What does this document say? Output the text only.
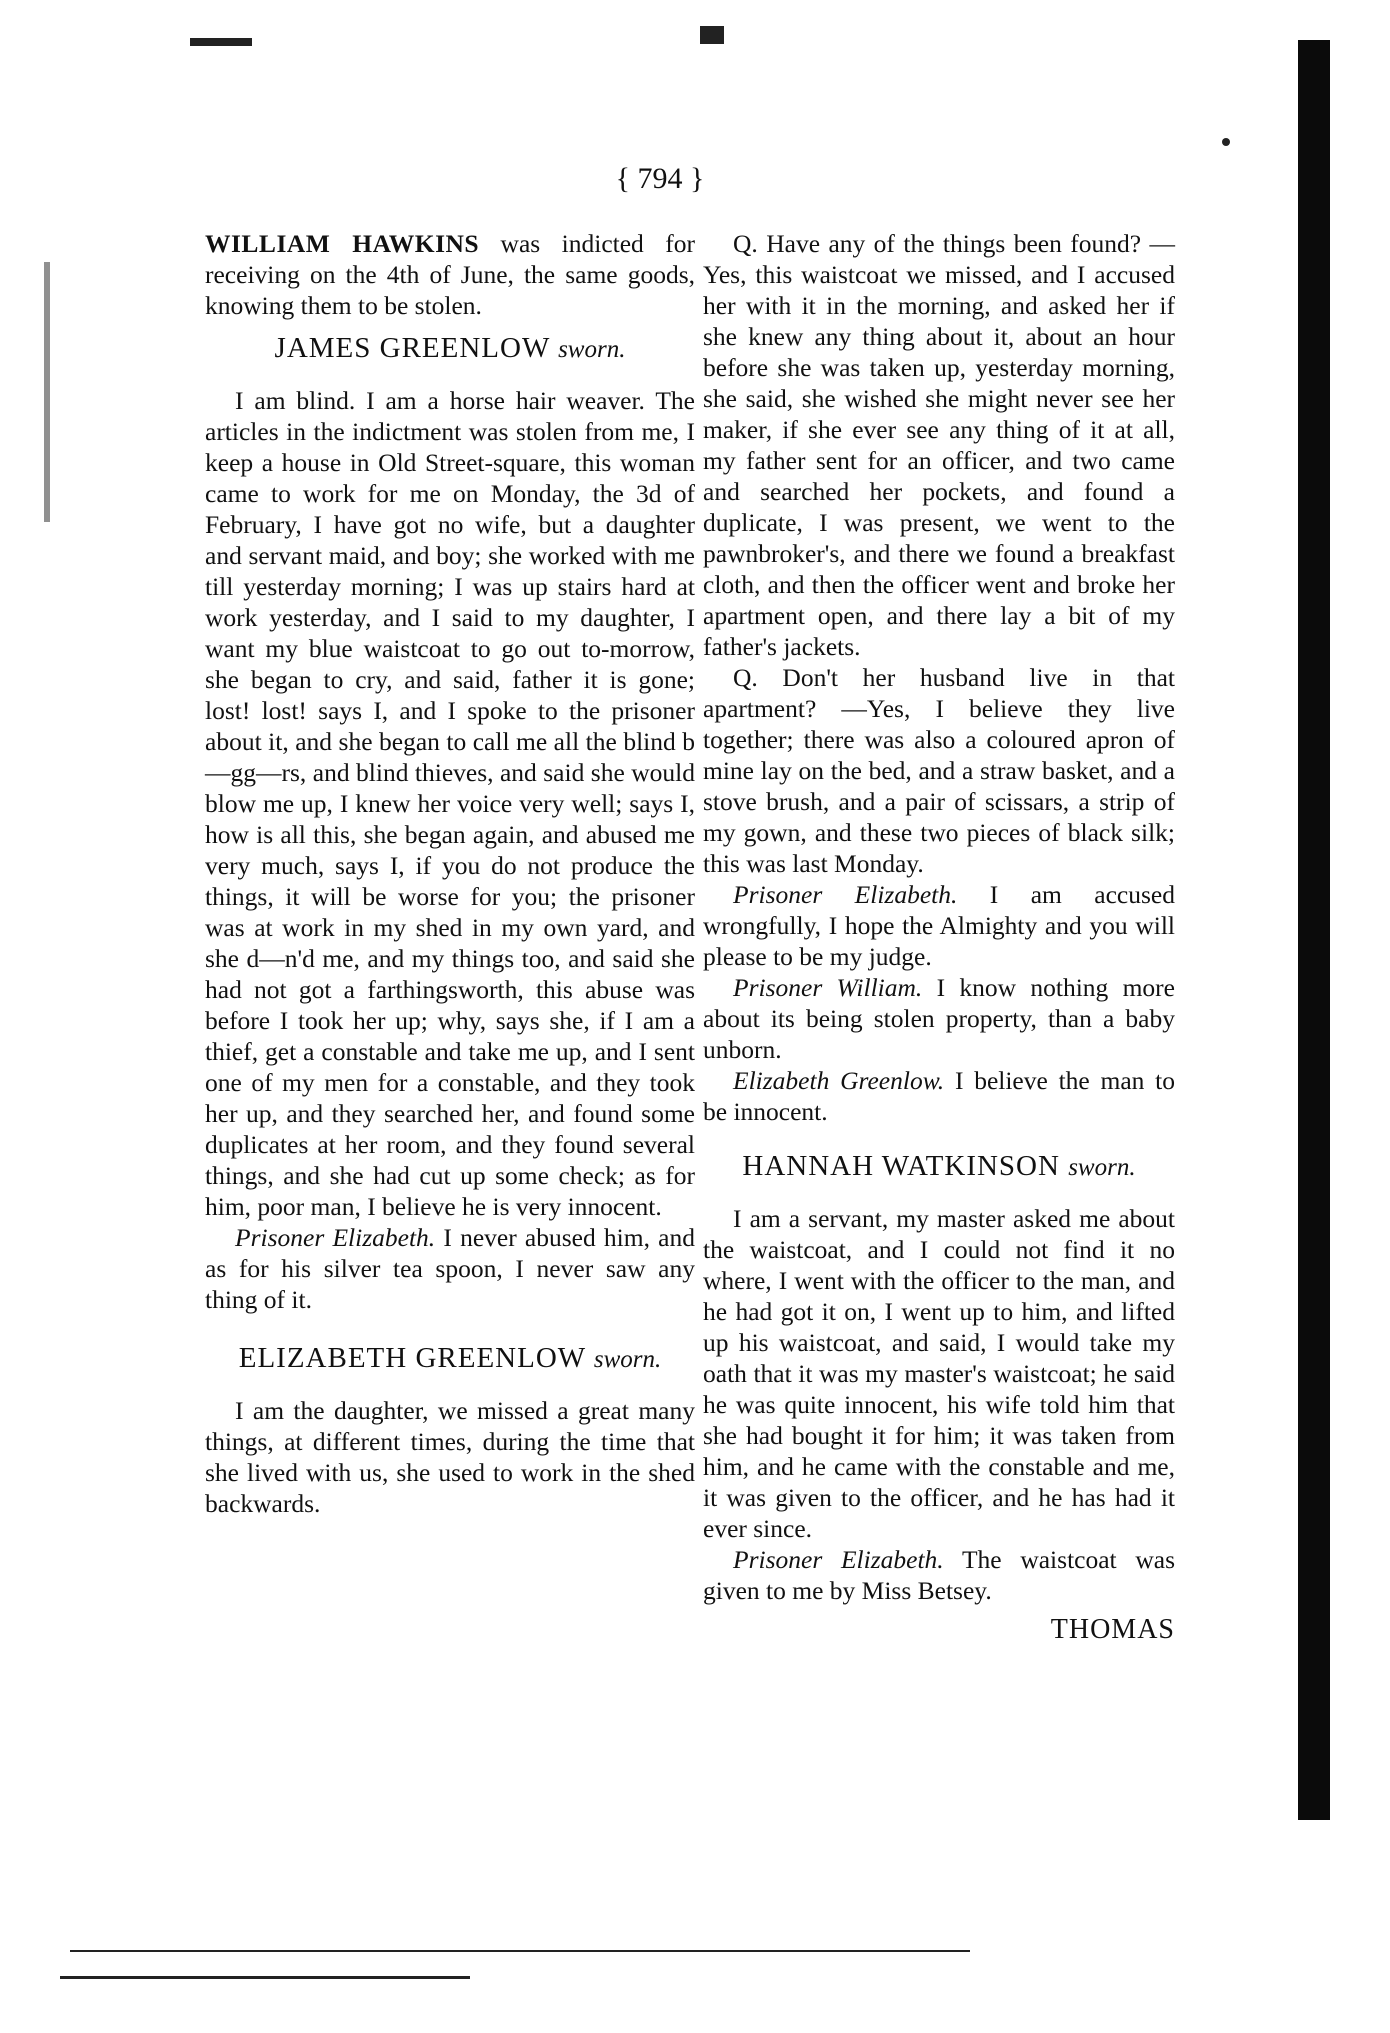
{ 794 }

WILLIAM HAWKINS was indicted for receiving on the 4th of June, the same goods, knowing them to be stolen.

JAMES GREENLOW sworn.

I am blind. I am a horse hair weaver. The articles in the indictment was stolen from me, I keep a house in Old Street-square, this woman came to work for me on Monday, the 3d of February, I have got no wife, but a daughter and servant maid, and boy; she worked with me till yesterday morning; I was up stairs hard at work yesterday, and I said to my daughter, I want my blue waistcoat to go out to-morrow, she began to cry, and said, father it is gone; lost! lost! says I, and I spoke to the prisoner about it, and she began to call me all the blind b—gg—rs, and blind thieves, and said she would blow me up, I knew her voice very well; says I, how is all this, she began again, and abused me very much, says I, if you do not produce the things, it will be worse for you; the prisoner was at work in my shed in my own yard, and she d—n'd me, and my things too, and said she had not got a farthingsworth, this abuse was before I took her up; why, says she, if I am a thief, get a constable and take me up, and I sent one of my men for a constable, and they took her up, and they searched her, and found some duplicates at her room, and they found several things, and she had cut up some check; as for him, poor man, I believe he is very innocent.

Prisoner Elizabeth. I never abused him, and as for his silver tea spoon, I never saw any thing of it.

ELIZABETH GREENLOW sworn.

I am the daughter, we missed a great many things, at different times, during the time that she lived with us, she used to work in the shed backwards.

Q. Have any of the things been found? —Yes, this waistcoat we missed, and I accused her with it in the morning, and asked her if she knew any thing about it, about an hour before she was taken up, yesterday morning, she said, she wished she might never see her maker, if she ever see any thing of it at all, my father sent for an officer, and two came and searched her pockets, and found a duplicate, I was present, we went to the pawnbroker's, and there we found a breakfast cloth, and then the officer went and broke her apartment open, and there lay a bit of my father's jackets.

Q. Don't her husband live in that apartment? —Yes, I believe they live together; there was also a coloured apron of mine lay on the bed, and a straw basket, and a stove brush, and a pair of scissars, a strip of my gown, and these two pieces of black silk; this was last Monday.

Prisoner Elizabeth. I am accused wrongfully, I hope the Almighty and you will please to be my judge.

Prisoner William. I know nothing more about its being stolen property, than a baby unborn.

Elizabeth Greenlow. I believe the man to be innocent.

HANNAH WATKINSON sworn.

I am a servant, my master asked me about the waistcoat, and I could not find it no where, I went with the officer to the man, and he had got it on, I went up to him, and lifted up his waistcoat, and said, I would take my oath that it was my master's waistcoat; he said he was quite innocent, his wife told him that she had bought it for him; it was taken from him, and he came with the constable and me, it was given to the officer, and he has had it ever since.

Prisoner Elizabeth. The waistcoat was given to me by Miss Betsey.

THOMAS
